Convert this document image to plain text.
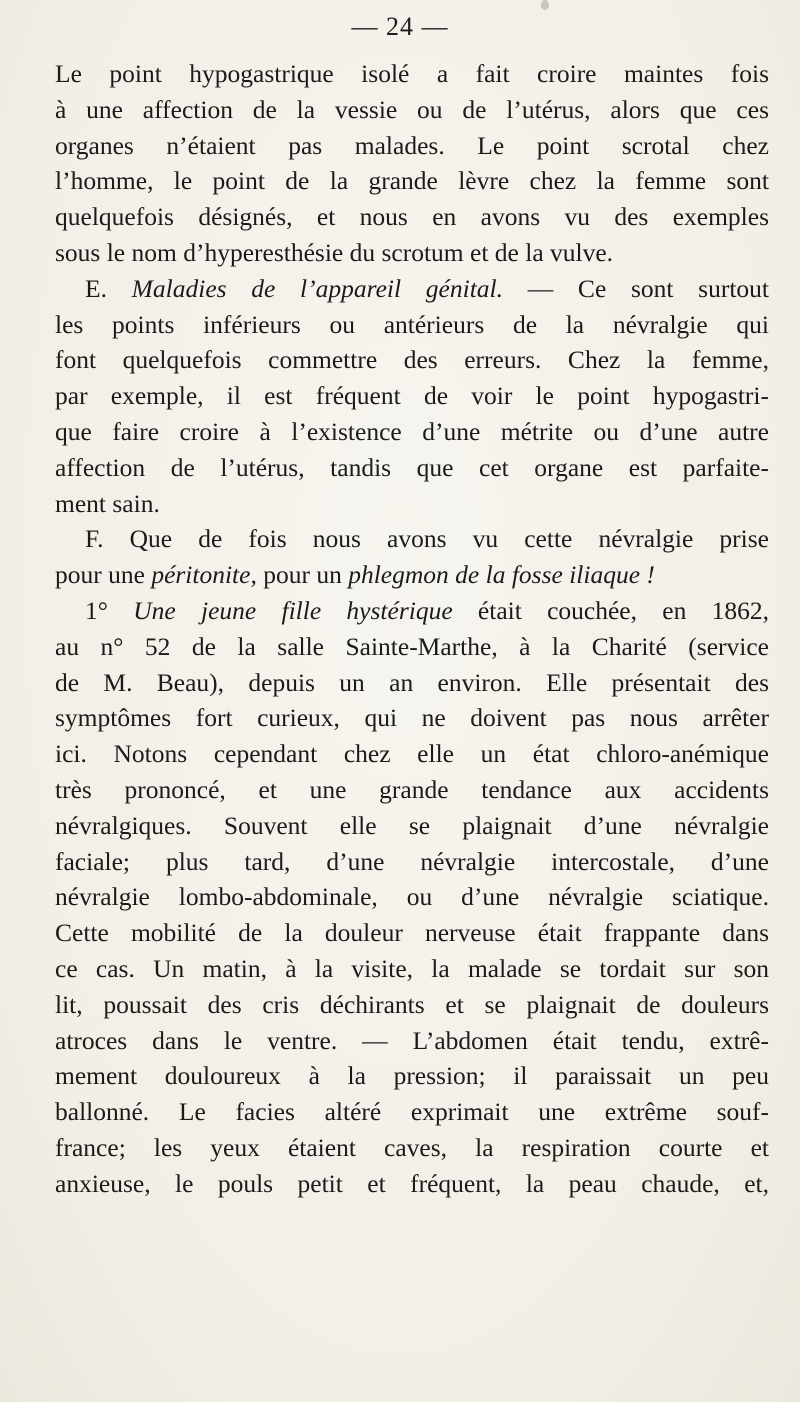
— 24 —
Le point hypogastrique isolé a fait croire maintes fois
à une affection de la vessie ou de l’utérus, alors que ces
organes n’étaient pas malades. Le point scrotal chez
l’homme, le point de la grande lèvre chez la femme sont
quelquefois désignés, et nous en avons vu des exemples
sous le nom d’hyperesthésie du scrotum et de la vulve.
E. Maladies de l’appareil génital. — Ce sont surtout
les points inférieurs ou antérieurs de la névralgie qui
font quelquefois commettre des erreurs. Chez la femme,
par exemple, il est fréquent de voir le point hypogastri-
que faire croire à l’existence d’une métrite ou d’une autre
affection de l’utérus, tandis que cet organe est parfaite-
ment sain.
F. Que de fois nous avons vu cette névralgie prise
pour une péritonite, pour un phlegmon de la fosse iliaque !
1° Une jeune fille hystérique était couchée, en 1862,
au n° 52 de la salle Sainte-Marthe, à la Charité (service
de M. Beau), depuis un an environ. Elle présentait des
symptômes fort curieux, qui ne doivent pas nous arrêter
ici. Notons cependant chez elle un état chloro-anémique
très prononcé, et une grande tendance aux accidents
névralgiques. Souvent elle se plaignait d’une névralgie
faciale; plus tard, d’une névralgie intercostale, d’une
névralgie lombo-abdominale, ou d’une névralgie sciatique.
Cette mobilité de la douleur nerveuse était frappante dans
ce cas. Un matin, à la visite, la malade se tordait sur son
lit, poussait des cris déchirants et se plaignait de douleurs
atroces dans le ventre. — L’abdomen était tendu, extrê-
mement douloureux à la pression; il paraissait un peu
ballonné. Le facies altéré exprimait une extrême souf-
france; les yeux étaient caves, la respiration courte et
anxieuse, le pouls petit et fréquent, la peau chaude, et,
